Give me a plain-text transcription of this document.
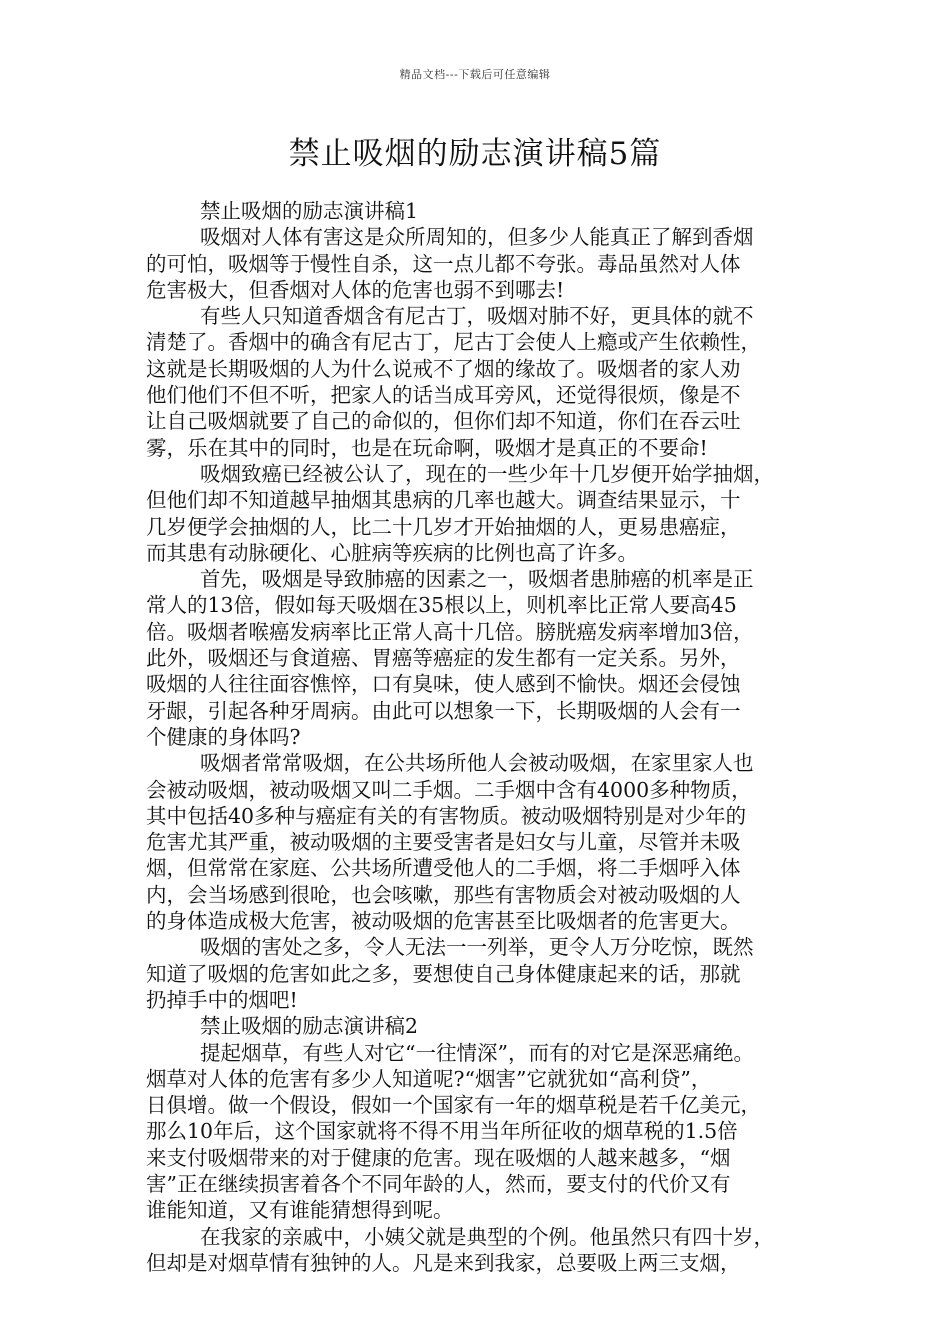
精品文档---下载后可任意编辑
禁止吸烟的励志演讲稿5篇
禁止吸烟的励志演讲稿1
吸烟对人体有害这是众所周知的，但多少人能真正了解到香烟
的可怕，吸烟等于慢性自杀，这一点儿都不夸张。毒品虽然对人体
危害极大，但香烟对人体的危害也弱不到哪去!
有些人只知道香烟含有尼古丁，吸烟对肺不好，更具体的就不
清楚了。香烟中的确含有尼古丁，尼古丁会使人上瘾或产生依赖性，
这就是长期吸烟的人为什么说戒不了烟的缘故了。吸烟者的家人劝
他们他们不但不听，把家人的话当成耳旁风，还觉得很烦，像是不
让自己吸烟就要了自己的命似的，但你们却不知道，你们在吞云吐
雾，乐在其中的同时，也是在玩命啊，吸烟才是真正的不要命!
吸烟致癌已经被公认了，现在的一些少年十几岁便开始学抽烟，
但他们却不知道越早抽烟其患病的几率也越大。调查结果显示，十
几岁便学会抽烟的人，比二十几岁才开始抽烟的人，更易患癌症，
而其患有动脉硬化、心脏病等疾病的比例也高了许多。
首先，吸烟是导致肺癌的因素之一，吸烟者患肺癌的机率是正
常人的13倍，假如每天吸烟在35根以上，则机率比正常人要高45
倍。吸烟者喉癌发病率比正常人高十几倍。膀胱癌发病率增加3倍，
此外，吸烟还与食道癌、胃癌等癌症的发生都有一定关系。另外，
吸烟的人往往面容憔悴，口有臭味，使人感到不愉快。烟还会侵蚀
牙龈，引起各种牙周病。由此可以想象一下，长期吸烟的人会有一
个健康的身体吗?
吸烟者常常吸烟，在公共场所他人会被动吸烟，在家里家人也
会被动吸烟，被动吸烟又叫二手烟。二手烟中含有4000多种物质，
其中包括40多种与癌症有关的有害物质。被动吸烟特别是对少年的
危害尤其严重，被动吸烟的主要受害者是妇女与儿童，尽管并未吸
烟，但常常在家庭、公共场所遭受他人的二手烟，将二手烟呼入体
内，会当场感到很呛，也会咳嗽，那些有害物质会对被动吸烟的人
的身体造成极大危害，被动吸烟的危害甚至比吸烟者的危害更大。
吸烟的害处之多，令人无法一一列举，更令人万分吃惊，既然
知道了吸烟的危害如此之多，要想使自己身体健康起来的话，那就
扔掉手中的烟吧!
禁止吸烟的励志演讲稿2
提起烟草，有些人对它“一往情深”，而有的对它是深恶痛绝。
烟草对人体的危害有多少人知道呢?“烟害”它就犹如“高利贷”，
日俱增。做一个假设，假如一个国家有一年的烟草税是若千亿美元，
那么10年后，这个国家就将不得不用当年所征收的烟草税的1.5倍
来支付吸烟带来的对于健康的危害。现在吸烟的人越来越多，“烟
害”正在继续损害着各个不同年龄的人，然而，要支付的代价又有
谁能知道，又有谁能猜想得到呢。
在我家的亲戚中，小姨父就是典型的个例。他虽然只有四十岁，
但却是对烟草情有独钟的人。凡是来到我家，总要吸上两三支烟，
